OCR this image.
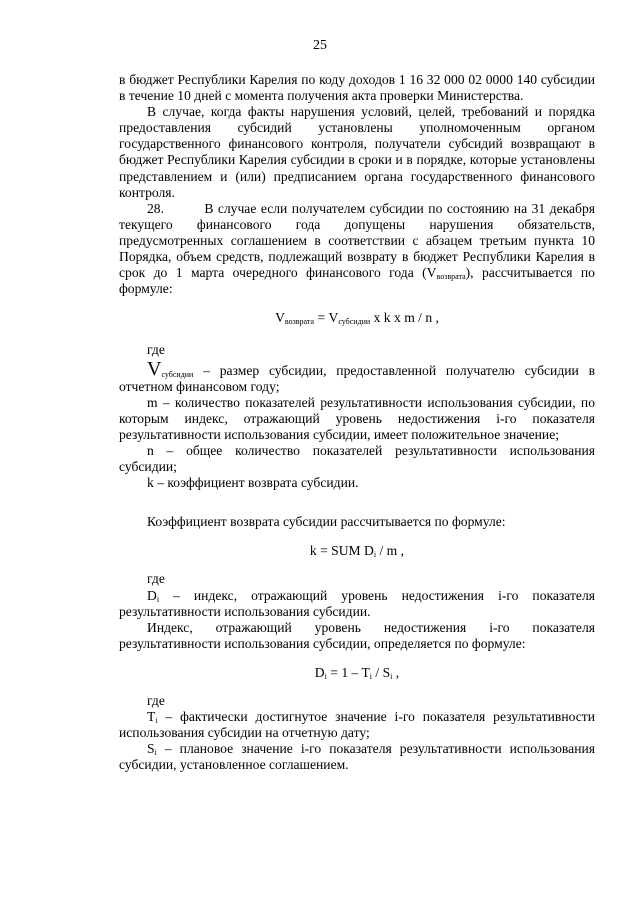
25

в бюджет Республики Карелия по коду доходов 1 16 32 000 02 0000 140 субсидии в течение 10 дней с момента получения акта проверки Министерства.

В случае, когда факты нарушения условий, целей, требований и порядка предоставления субсидий установлены уполномоченным органом государственного финансового контроля, получатели субсидий возвращают в бюджет Республики Карелия субсидии в сроки и в порядке, которые установлены представлением и (или) предписанием органа государственного финансового контроля.

28.	В случае если получателем субсидии по состоянию на 31 декабря текущего финансового года допущены нарушения обязательств, предусмотренных соглашением в соответствии с абзацем третьим пункта 10 Порядка, объем средств, подлежащий возврату в бюджет Республики Карелия в срок до 1 марта очередного финансового года $(V_{возврата})$, рассчитывается по формуле:

$V_{возврата} = V_{субсидии}$ x k x m / n ,

где

$V_{субсидии}$ – размер субсидии, предоставленной получателю субсидии в отчетном финансовом году;

m – количество показателей результативности использования субсидии, по которым индекс, отражающий уровень недостижения i-го показателя результативности использования субсидии, имеет положительное значение;

n – общее количество показателей результативности использования субсидии;

k – коэффициент возврата субсидии.

Коэффициент возврата субсидии рассчитывается по формуле:

k = SUM $D_i$ / m ,

где

$D_i$ – индекс, отражающий уровень недостижения i-го показателя результативности использования субсидии.

Индекс, отражающий уровень недостижения i-го показателя результативности использования субсидии, определяется по формуле:

$D_i = 1 - T_i / S_i$ ,

где

$T_i$ – фактически достигнутое значение i-го показателя результативности использования субсидии на отчетную дату;

$S_i$ – плановое значение i-го показателя результативности использования субсидии, установленное соглашением.
